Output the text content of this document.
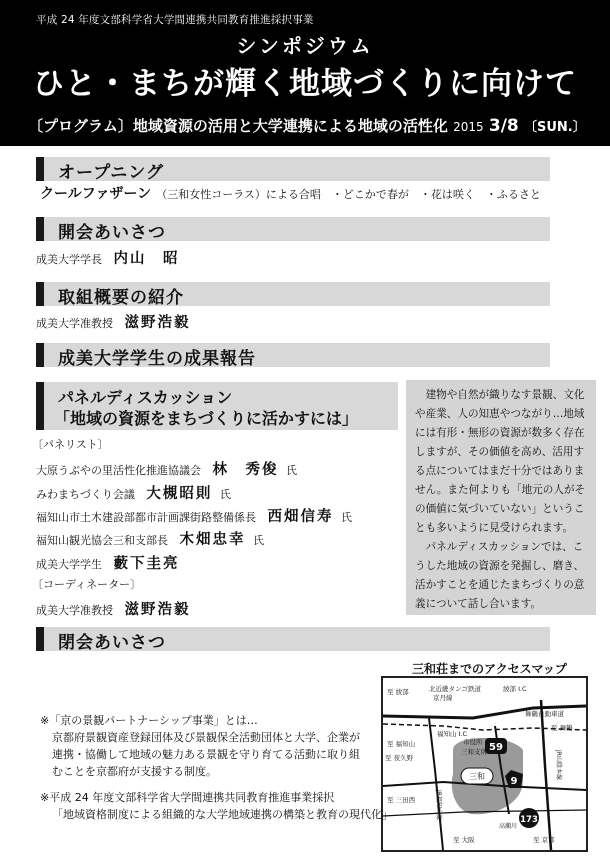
平成 24 年度文部科学省大学間連携共同教育推進採択事業
シンポジウム
ひと・まちが輝く地域づくりに向けて
〔プログラム〕地域資源の活用と大学連携による地域の活性化 2015 3/8 〔SUN.〕
オープニング
クールファザーン （三和女性コーラス）による合唱　・どこかで春が　・花は咲く　・ふるさと
開会あいさつ
成美大学学長 内山　昭
取組概要の紹介
成美大学准教授 滋野浩毅
成美大学学生の成果報告
パネルディスカッション
「地域の資源をまちづくりに活かすには」
〔パネリスト〕
大原うぶやの里活性化推進協議会 林　秀俊 氏
みわまちづくり会議 大槻昭則 氏
福知山市土木建設部都市計画課街路整備係長 西畑信寿 氏
福知山観光協会三和支部長 木畑忠幸 氏
成美大学学生 藪下圭亮
〔コーディネーター〕
成美大学准教授 滋野浩毅

建物や自然が織りなす景観、文化や産業、人の知恵やつながり…地域には有形・無形の資源が数多く存在しますが、その価値を高め、活用する点についてはまだ十分ではありません。また何よりも「地元の人がその価値に気づいていない」ということも多いように見受けられます。

パネルディスカッションでは、こうした地域の資源を発掘し、磨き、活かすことを通じたまちづくりの意義について話し合います。

閉会あいさつ
三和荘までのアクセスマップ
59
9
173
三和
至 綾部	北近畿タンゴ鉄道
京丹線
綾部 I.C
舞鶴自動車道
至 舞鶴
福知山 I.C
至 福知山
至 夜久野
市役所
三和支所
至 三田西
至 大阪	至 京都
JR山陰本線
JR福知山線
高瀬川
※「京の景観パートナーシップ事業」とは…
京都府景観資産登録団体及び景観保全活動団体と大学、企業が連携・協働して地域の魅力ある景観を守り育てる活動に取り組むことを京都府が支援する制度。
※平成 24 年度文部科学省大学間連携共同教育推進事業採択
「地域資格制度による組織的な大学地域連携の構築と教育の現代化」
